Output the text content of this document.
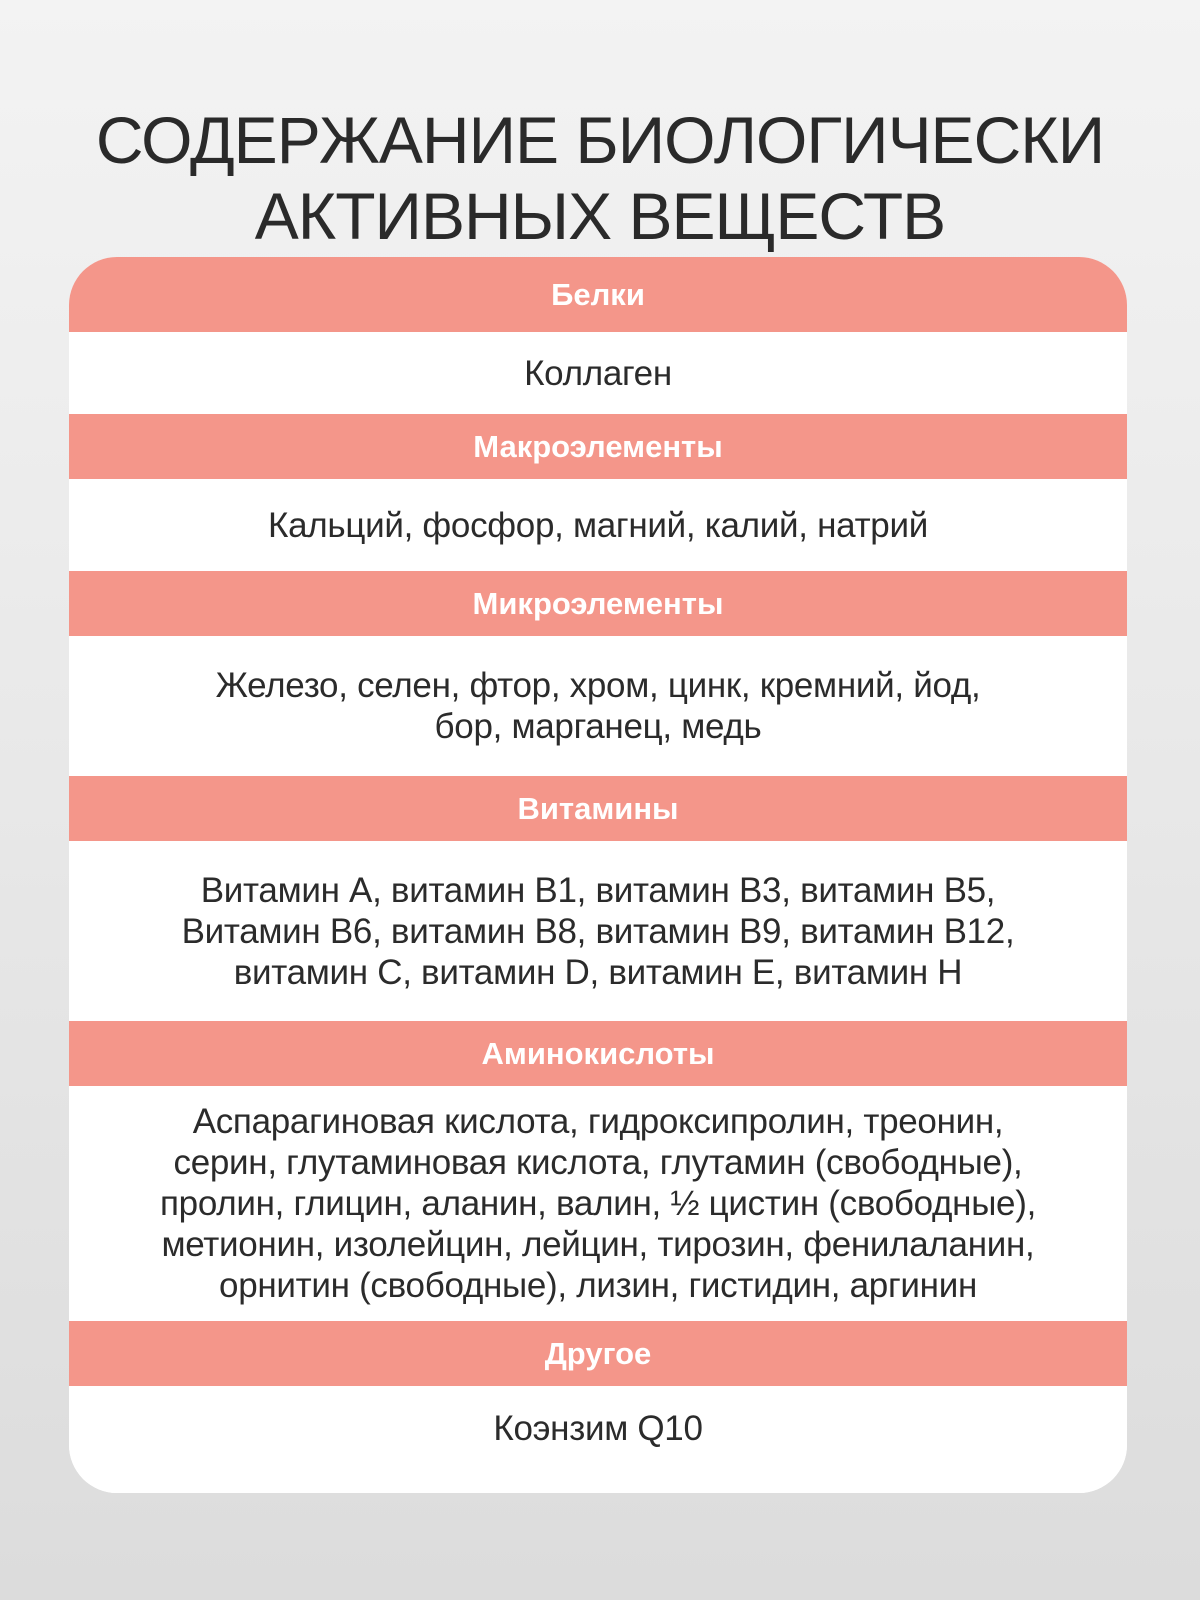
СОДЕРЖАНИЕ БИОЛОГИЧЕСКИ
АКТИВНЫХ ВЕЩЕСТВ
Белки
Коллаген
Макроэлементы
Кальций, фосфор, магний, калий, натрий
Микроэлементы
Железо, селен, фтор, хром, цинк, кремний, йод,
бор, марганец, медь
Витамины
Витамин А, витамин В1, витамин В3, витамин В5,
Витамин В6, витамин В8, витамин В9, витамин В12,
витамин С, витамин D, витамин Е, витамин Н
Аминокислоты
Аспарагиновая кислота, гидроксипролин, треонин,
серин, глутаминовая кислота, глутамин (свободные),
пролин, глицин, аланин, валин, ½ цистин (свободные),
метионин, изолейцин, лейцин, тирозин, фенилаланин,
орнитин (свободные), лизин, гистидин, аргинин
Другое
Коэнзим Q10
